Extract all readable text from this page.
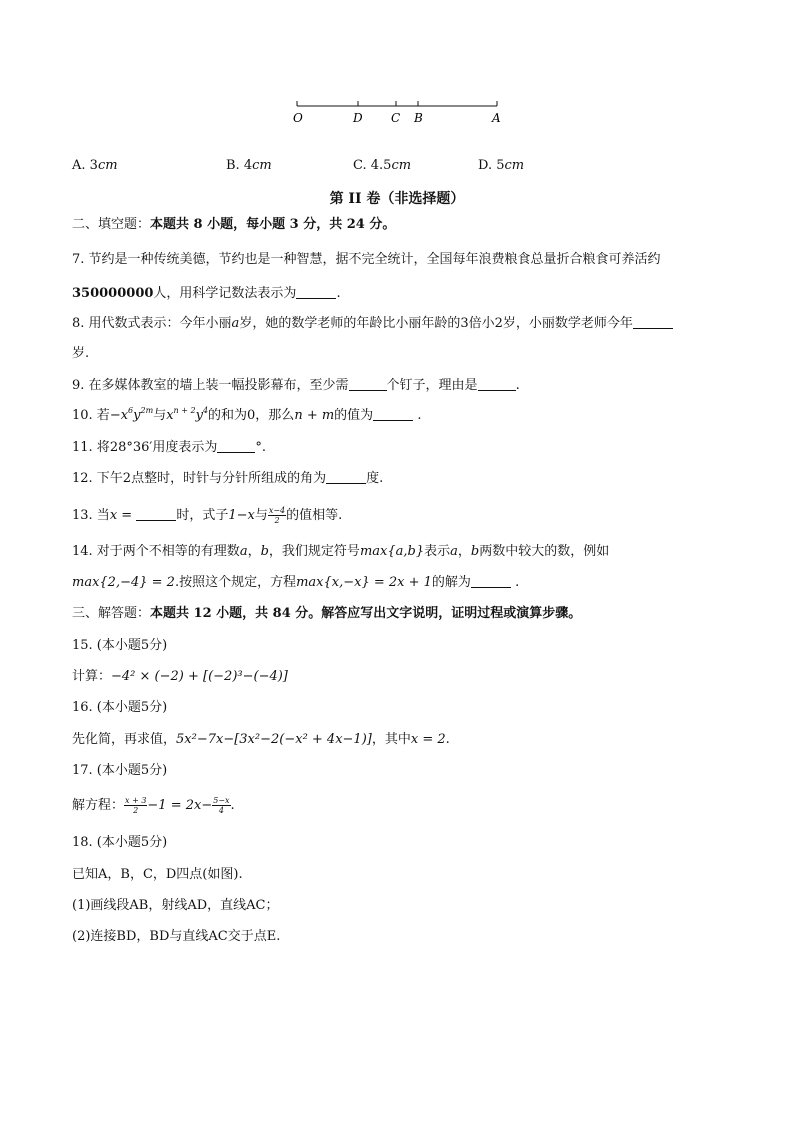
O	D C B	A
A. 3cm	B. 4cm	C. 4.5cm	D. 5cm
第 II 卷（非选择题）
二、填空题：本题共 8 小题，每小题 3 分，共 24 分。
7. 节约是一种传统美德，节约也是一种智慧，据不完全统计，全国每年浪费粮食总量折合粮食可养活约
350000000人，用科学记数法表示为	.
8. 用代数式表示：今年小丽a岁，她的数学老师的年龄比小丽年龄的3倍小2岁，小丽数学老师今年
岁.
9. 在多媒体教室的墙上装一幅投影幕布，至少需	个钉子，理由是	.
10. 若$-x^6y^{2m}$与$x^{n + 2}y^4$的和为0，那么n + m的值为	.
11. 将28°36′用度表示为	°.
12. 下午2点整时，时针与分针所组成的角为	度.
13. 当x =	时，式子1−x与 $\frac{x-4}{2}$ 的值相等.
14. 对于两个不相等的有理数a，b，我们规定符号max{a,b}表示a，b两数中较大的数，例如
max{2,−4} = 2.按照这个规定，方程max{x,−x} = 2x + 1的解为	.
三、解答题：本题共 12 小题，共 84 分。解答应写出文字说明，证明过程或演算步骤。
15. (本小题5分)
计算：−4² × (−2) + [(−2)³−(−4)]
16. (本小题5分)
先化简，再求值，5x²−7x−[3x²−2(−x² + 4x−1)]，其中x = 2.
17. (本小题5分)
解方程： $\frac{x + 3}{2} -1 = 2x- \frac{5-x}{4}$ .
18. (本小题5分)
已知A，B，C，D四点(如图).
(1)画线段AB，射线AD，直线AC；
(2)连接BD，BD与直线AC交于点E.
